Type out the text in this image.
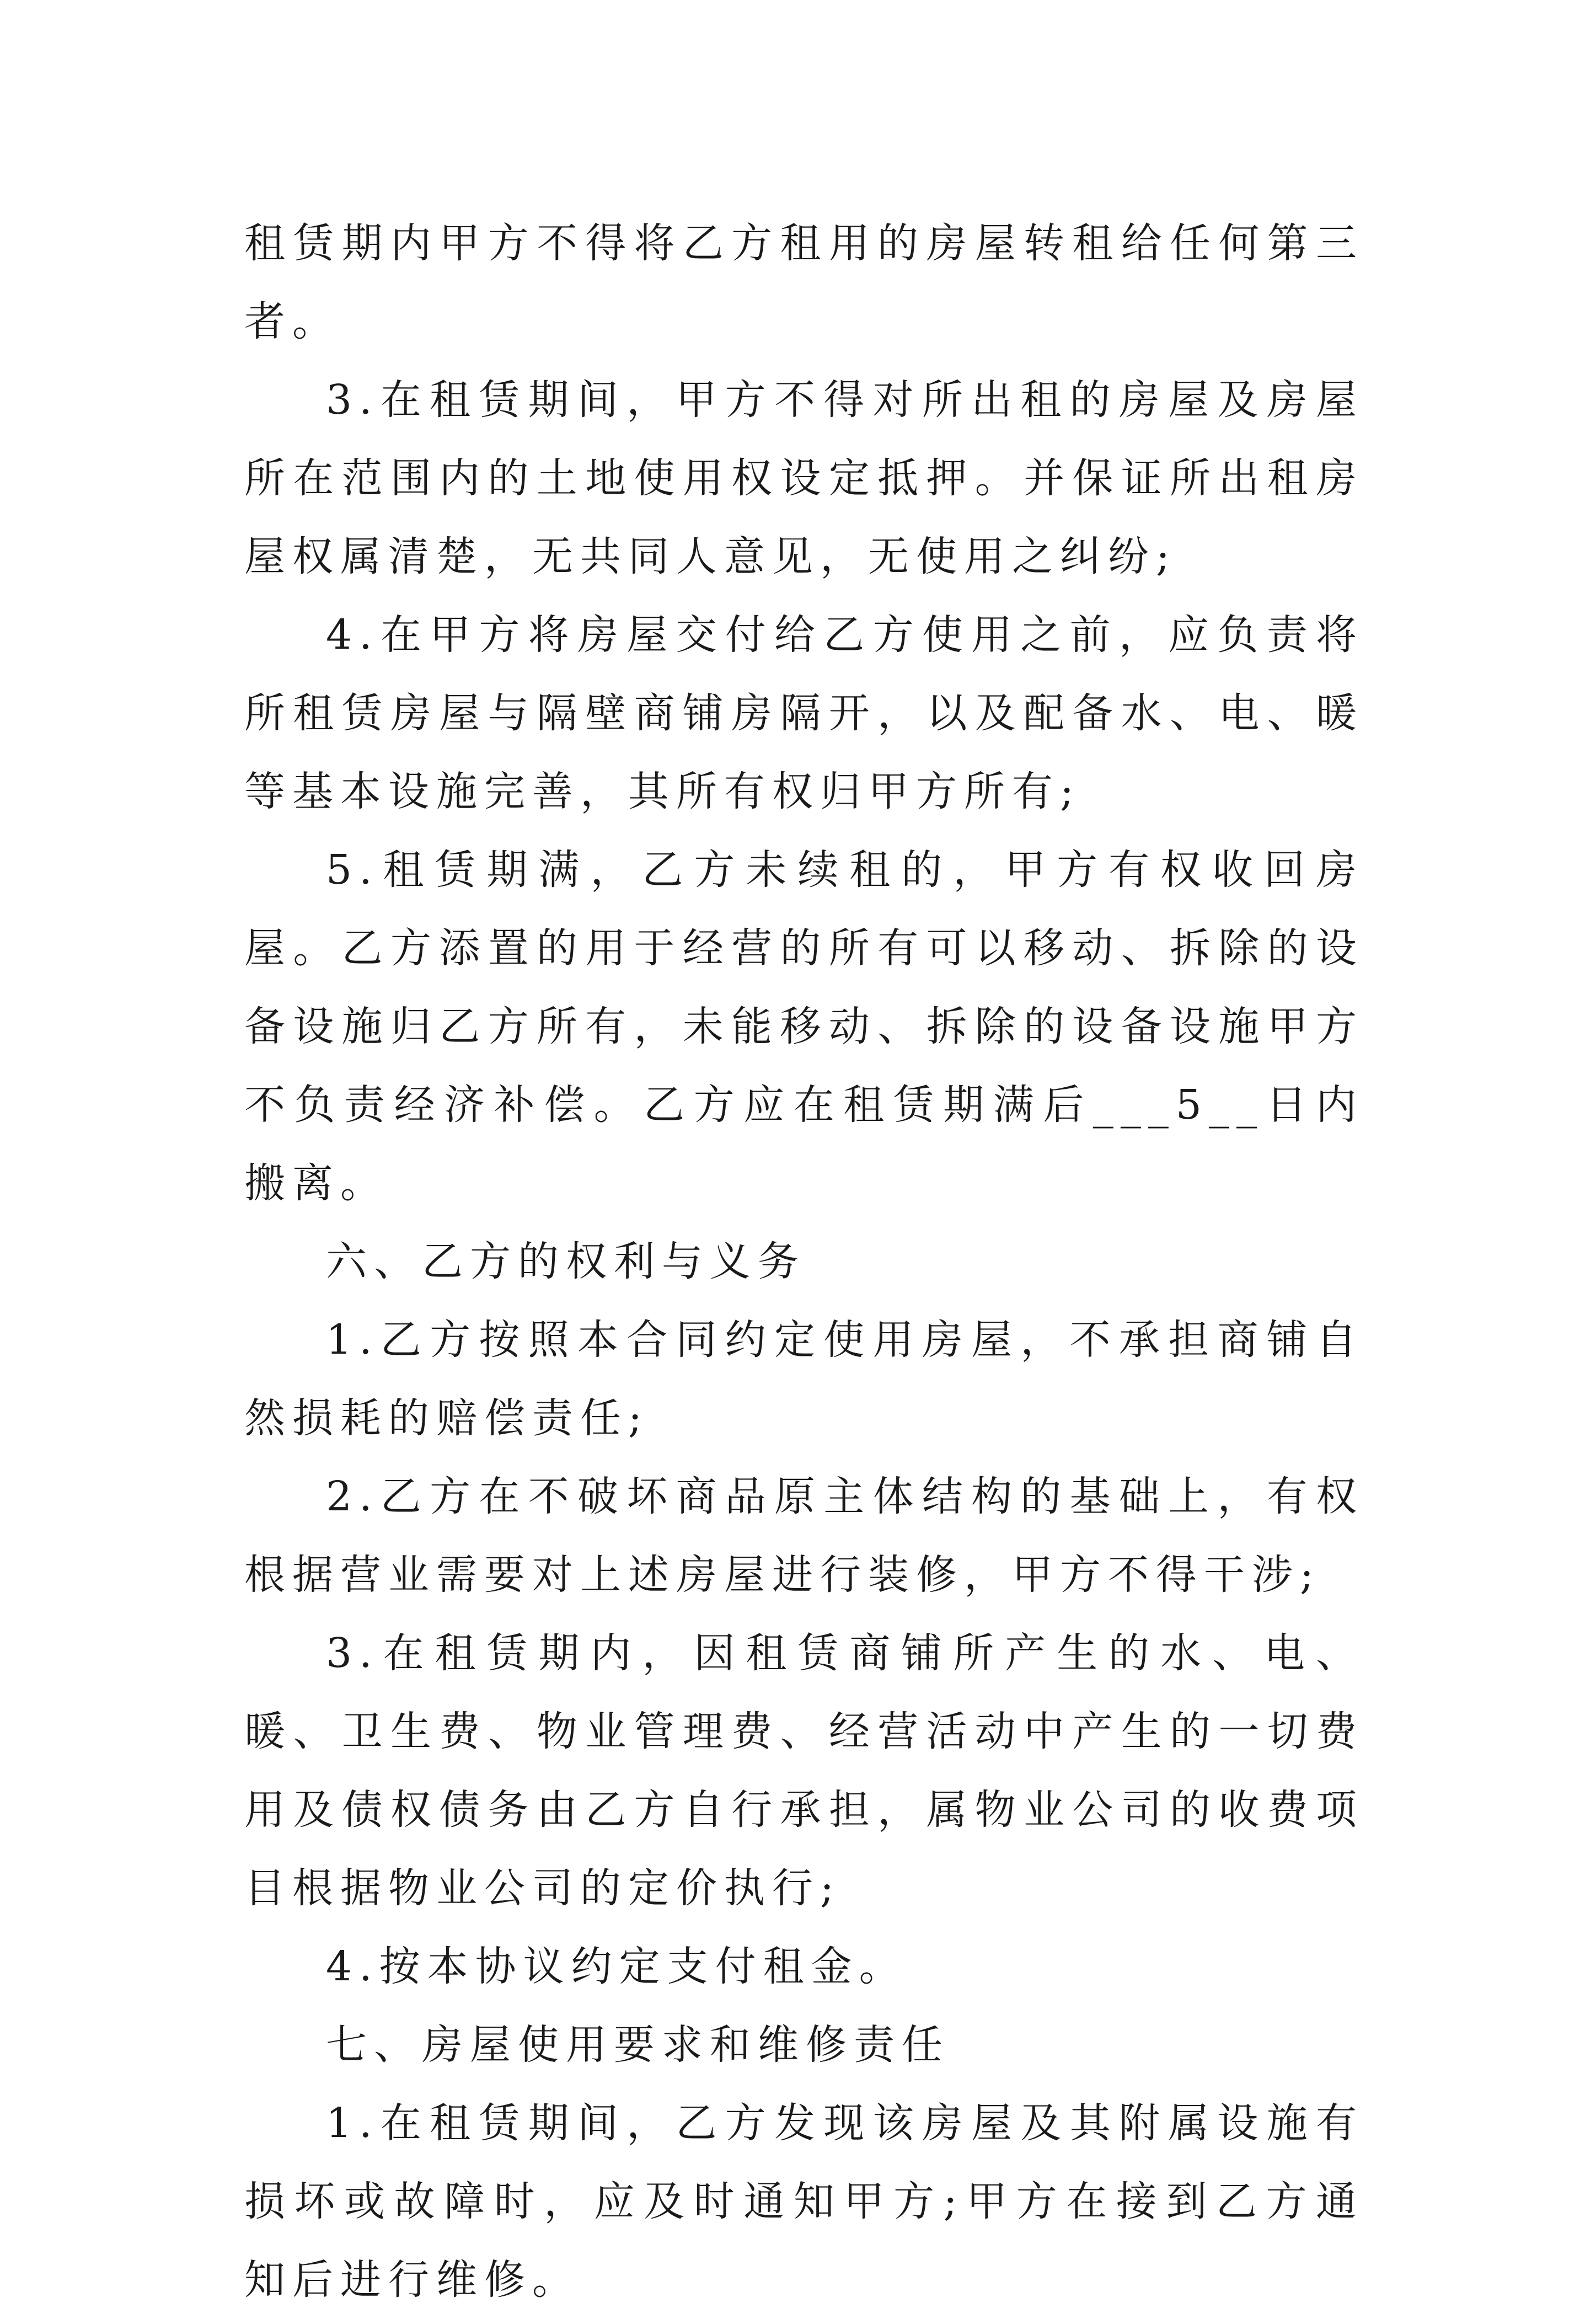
租赁期内甲方不得将乙方租用的房屋转租给任何第三者。

3.在租赁期间，甲方不得对所出租的房屋及房屋所在范围内的土地使用权设定抵押。并保证所出租房屋权属清楚，无共同人意见，无使用之纠纷;

4.在甲方将房屋交付给乙方使用之前，应负责将所租赁房屋与隔壁商铺房隔开，以及配备水、电、暖等基本设施完善，其所有权归甲方所有;

5.租赁期满，乙方未续租的，甲方有权收回房屋。乙方添置的用于经营的所有可以移动、拆除的设备设施归乙方所有，未能移动、拆除的设备设施甲方不负责经济补偿。乙方应在租赁期满后___5__日内搬离。

六、乙方的权利与义务

1.乙方按照本合同约定使用房屋，不承担商铺自然损耗的赔偿责任;

2.乙方在不破坏商品原主体结构的基础上，有权根据营业需要对上述房屋进行装修，甲方不得干涉;

3.在租赁期内，因租赁商铺所产生的水、电、暖、卫生费、物业管理费、经营活动中产生的一切费用及债权债务由乙方自行承担，属物业公司的收费项目根据物业公司的定价执行;

4.按本协议约定支付租金。

七、房屋使用要求和维修责任

1.在租赁期间，乙方发现该房屋及其附属设施有损坏或故障时，应及时通知甲方;甲方在接到乙方通知后进行维修。
